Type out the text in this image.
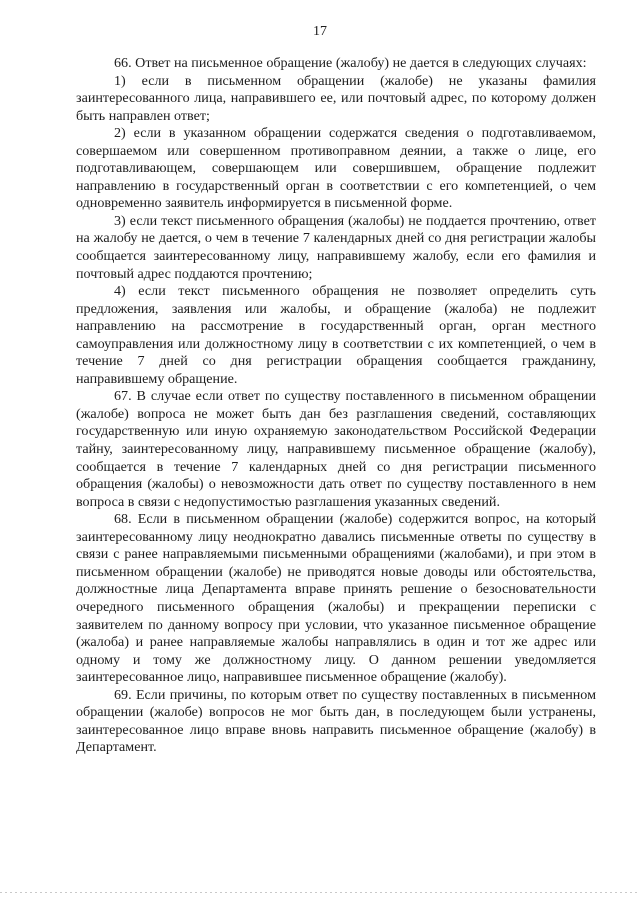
17

66. Ответ на письменное обращение (жалобу) не дается в следующих случаях:

1) если в письменном обращении (жалобе) не указаны фамилия заинтересованного лица, направившего ее, или почтовый адрес, по которому должен быть направлен ответ;

2) если в указанном обращении содержатся сведения о подготавливаемом, совершаемом или совершенном противоправном деянии, а также о лице, его подготавливающем, совершающем или совершившем, обращение подлежит направлению в государственный орган в соответствии с его компетенцией, о чем одновременно заявитель информируется в письменной форме.

3) если текст письменного обращения (жалобы) не поддается прочтению, ответ на жалобу не дается, о чем в течение 7 календарных дней со дня регистрации жалобы сообщается заинтересованному лицу, направившему жалобу, если его фамилия и почтовый адрес поддаются прочтению;

4) если текст письменного обращения не позволяет определить суть предложения, заявления или жалобы, и обращение (жалоба) не подлежит направлению на рассмотрение в государственный орган, орган местного самоуправления или должностному лицу в соответствии с их компетенцией, о чем в течение 7 дней со дня регистрации обращения сообщается гражданину, направившему обращение.

67. В случае если ответ по существу поставленного в письменном обращении (жалобе) вопроса не может быть дан без разглашения сведений, составляющих государственную или иную охраняемую законодательством Российской Федерации тайну, заинтересованному лицу, направившему письменное обращение (жалобу), сообщается в течение 7 календарных дней со дня регистрации письменного обращения (жалобы) о невозможности дать ответ по существу поставленного в нем вопроса в связи с недопустимостью разглашения указанных сведений.

68. Если в письменном обращении (жалобе) содержится вопрос, на который заинтересованному лицу неоднократно давались письменные ответы по существу в связи с ранее направляемыми письменными обращениями (жалобами), и при этом в письменном обращении (жалобе) не приводятся новые доводы или обстоятельства, должностные лица Департамента вправе принять решение о безосновательности очередного письменного обращения (жалобы) и прекращении переписки с заявителем по данному вопросу при условии, что указанное письменное обращение (жалоба) и ранее направляемые жалобы направлялись в один и тот же адрес или одному и тому же должностному лицу. О данном решении уведомляется заинтересованное лицо, направившее письменное обращение (жалобу).

69. Если причины, по которым ответ по существу поставленных в письменном обращении (жалобе) вопросов не мог быть дан, в последующем были устранены, заинтересованное лицо вправе вновь направить письменное обращение (жалобу) в Департамент.
